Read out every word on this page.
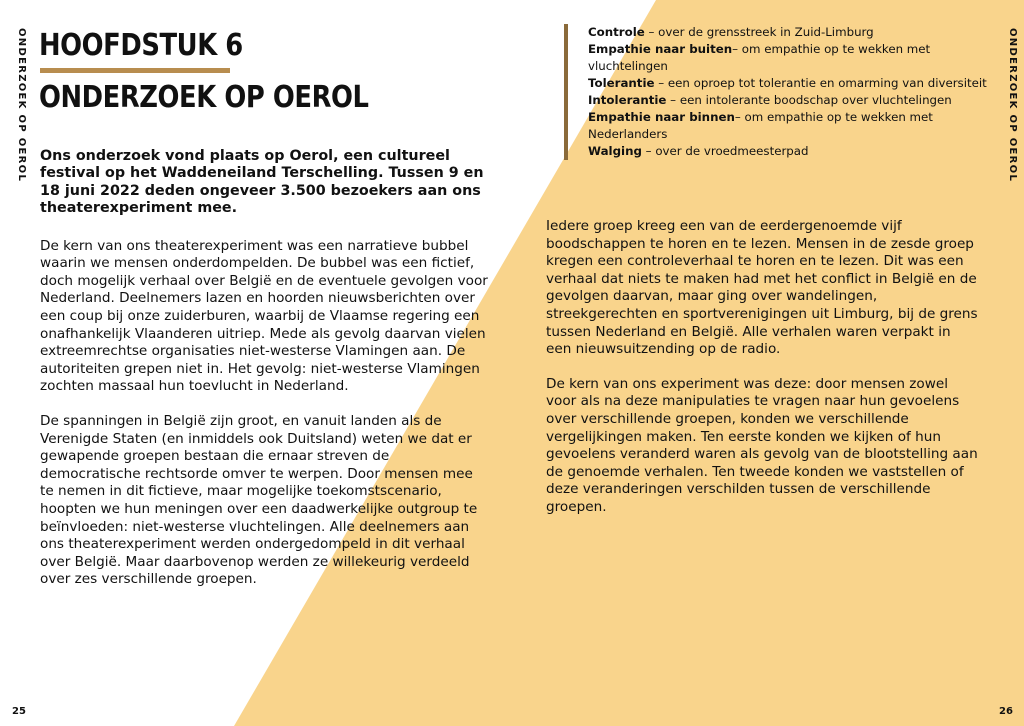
ONDERZOEK OP OEROL	ONDERZOEK OP OEROL
HOOFDSTUK 6
ONDERZOEK OP OEROL

Ons onderzoek vond plaats op Oerol, een cultureel festival op het Waddeneiland Terschelling. Tussen 9 en 18 juni 2022 deden ongeveer 3.500 bezoekers aan ons theaterexperiment mee.

De kern van ons theaterexperiment was een narratieve bubbel waarin we mensen onderdompelden. De bubbel was een fictief, doch mogelijk verhaal over België en de eventuele gevolgen voor Nederland. Deelnemers lazen en hoorden nieuwsberichten over een coup bij onze zuiderburen, waarbij de Vlaamse regering een onafhankelijk Vlaanderen uitriep. Mede als gevolg daarvan vielen extreemrechtse organisaties niet-westerse Vlamingen aan. De autoriteiten grepen niet in. Het gevolg: niet-westerse Vlamingen zochten massaal hun toevlucht in Nederland.

De spanningen in België zijn groot, en vanuit landen als de Verenigde Staten (en inmiddels ook Duitsland) weten we dat er gewapende groepen bestaan die ernaar streven de democratische rechtsorde omver te werpen. Door mensen mee te nemen in dit fictieve, maar mogelijke toekomstscenario, hoopten we hun meningen over een daadwerkelijke outgroup te beïnvloeden: niet-westerse vluchtelingen. Alle deelnemers aan ons theaterexperiment werden ondergedompeld in dit verhaal over België. Maar daarbovenop werden ze willekeurig verdeeld over zes verschillende groepen.

Controle – over de grensstreek in Zuid-Limburg

Empathie naar buiten– om empathie op te wekken met vluchtelingen

Tolerantie – een oproep tot tolerantie en omarming van diversiteit

Intolerantie – een intolerante boodschap over vluchtelingen

Empathie naar binnen– om empathie op te wekken met Nederlanders

Walging – over de vroedmeesterpad

Iedere groep kreeg een van de eerdergenoemde vijf boodschappen te horen en te lezen. Mensen in de zesde groep kregen een controleverhaal te horen en te lezen. Dit was een verhaal dat niets te maken had met het conflict in België en de gevolgen daarvan, maar ging over wandelingen, streekgerechten en sportverenigingen uit Limburg, bij de grens tussen Nederland en België. Alle verhalen waren verpakt in een nieuwsuitzending op de radio.

De kern van ons experiment was deze: door mensen zowel voor als na deze manipulaties te vragen naar hun gevoelens over verschillende groepen, konden we verschillende vergelijkingen maken. Ten eerste konden we kijken of hun gevoelens veranderd waren als gevolg van de blootstelling aan de genoemde verhalen. Ten tweede konden we vaststellen of deze veranderingen verschilden tussen de verschillende groepen.

25	26
